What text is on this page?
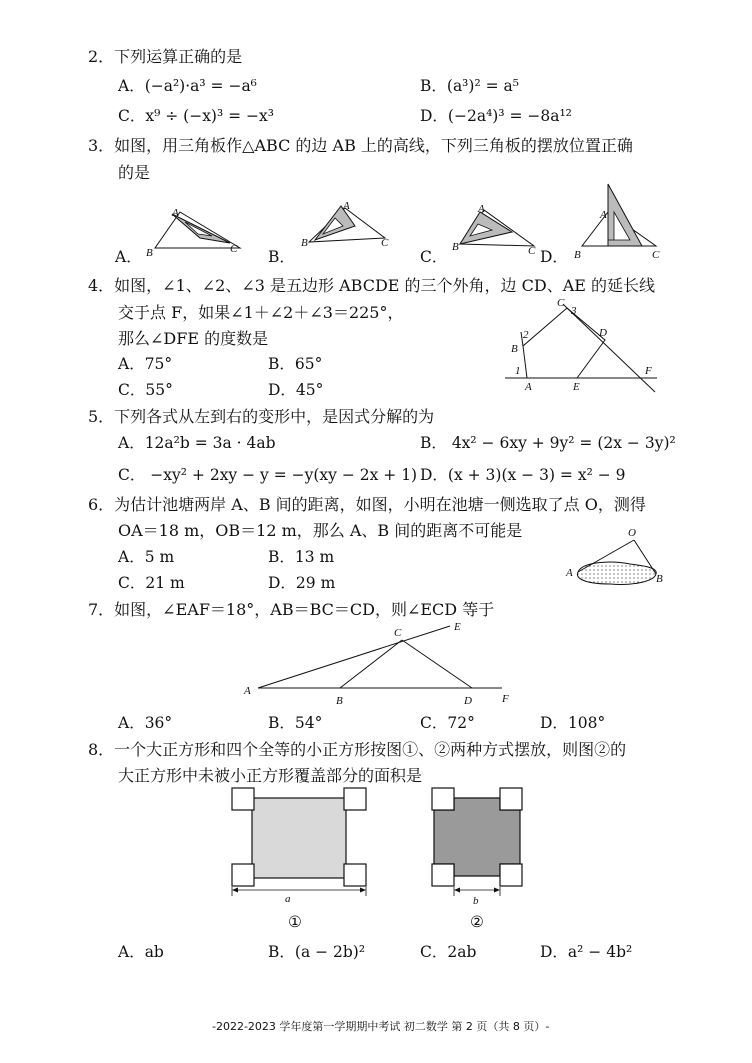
2．下列运算正确的是
A．(−a²)·a³ = −a⁶	B．(a³)² = a⁵
C．x⁹ ÷ (−x)³ = −x³	D．(−2a⁴)³ = −8a¹²
3．如图，用三角板作△ABC 的边 AB 上的高线，下列三角板的摆放位置正确
的是
A
B	C
A．
A
B	C
B．
A
B	C
C．
A
B	C
D．
4．如图，∠1、∠2、∠3 是五边形 ABCDE 的三个外角，边 CD、AE 的延长线
交于点 F，如果∠1＋∠2＋∠3＝225°，
那么∠DFE 的度数是
A．75°	B．65°
C．55°	D．45°	A
B
C
D
E
F
1
2
3
5．下列各式从左到右的变形中，是因式分解的为
A．12a²b = 3a · 4ab	B． 4x² − 6xy + 9y² = (2x − 3y)²
C． −xy² + 2xy − y = −y(xy − 2x + 1) D．(x + 3)(x − 3) = x² − 9
6．为估计池塘两岸 A、B 间的距离，如图，小明在池塘一侧选取了点 O，测得
OA＝18 m，OB＝12 m，那么 A、B 间的距离不可能是
A．5 m	B．13 m
C．21 m	D．29 m
O
A	B
7．如图，∠EAF＝18°，AB＝BC＝CD，则∠ECD 等于
A
B
C
D
E
F
A．36°	B．54°	C．72°	D．108°
8．一个大正方形和四个全等的小正方形按图①、②两种方式摆放，则图②的
大正方形中未被小正方形覆盖部分的面积是
a	b
①	②
A．ab	B．(a − 2b)²	C．2ab	D．a² − 4b²
-2022-2023 学年度第一学期期中考试 初二数学 第 2 页（共 8 页）-
